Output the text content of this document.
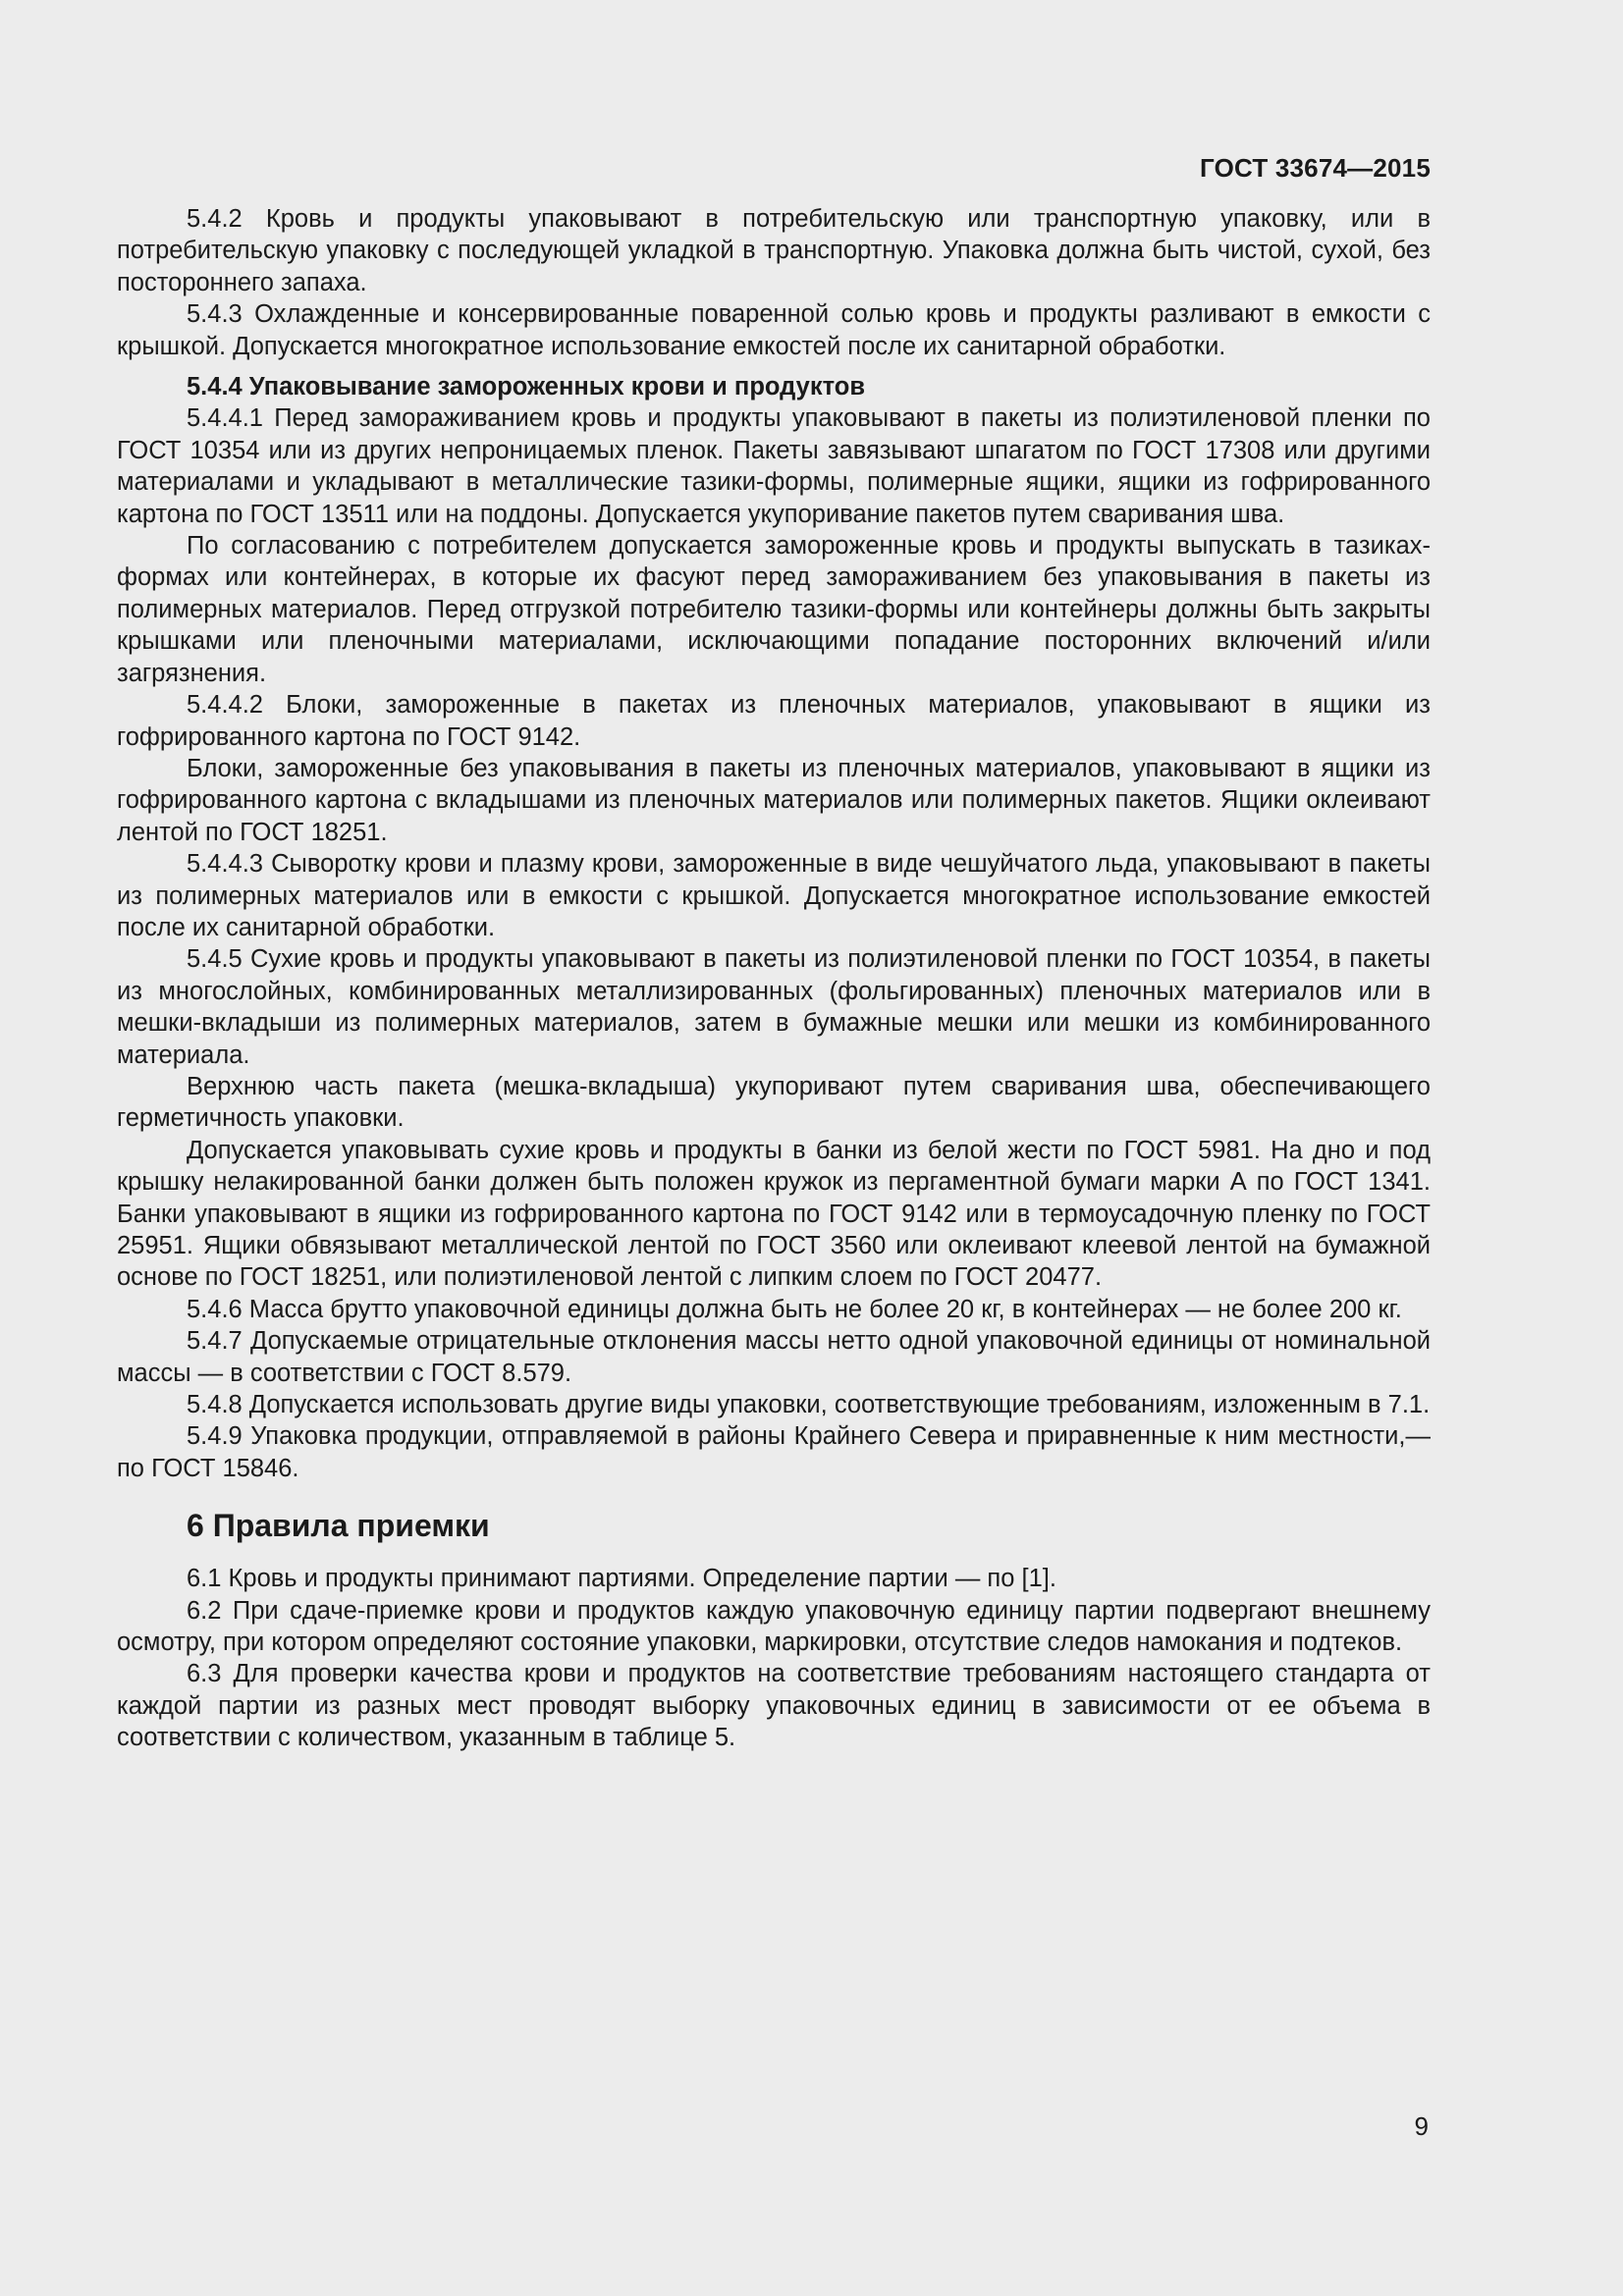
ГОСТ 33674—2015

5.4.2 Кровь и продукты упаковывают в потребительскую или транспортную упаковку, или в потребительскую упаковку с последующей укладкой в транспортную. Упаковка должна быть чистой, сухой, без постороннего запаха.

5.4.3 Охлажденные и консервированные поваренной солью кровь и продукты разливают в емкости с крышкой. Допускается многократное использование емкостей после их санитарной обработки.

5.4.4 Упаковывание замороженных крови и продуктов

5.4.4.1 Перед замораживанием кровь и продукты упаковывают в пакеты из полиэтиленовой пленки по ГОСТ 10354 или из других непроницаемых пленок. Пакеты завязывают шпагатом по ГОСТ 17308 или другими материалами и укладывают в металлические тазики-формы, полимерные ящики, ящики из гофрированного картона по ГОСТ 13511 или на поддоны. Допускается укупоривание пакетов путем сваривания шва.

По согласованию с потребителем допускается замороженные кровь и продукты выпускать в тазиках-формах или контейнерах, в которые их фасуют перед замораживанием без упаковывания в пакеты из полимерных материалов. Перед отгрузкой потребителю тазики-формы или контейнеры должны быть закрыты крышками или пленочными материалами, исключающими попадание посторонних включений и/или загрязнения.

5.4.4.2 Блоки, замороженные в пакетах из пленочных материалов, упаковывают в ящики из гофрированного картона по ГОСТ 9142.

Блоки, замороженные без упаковывания в пакеты из пленочных материалов, упаковывают в ящики из гофрированного картона с вкладышами из пленочных материалов или полимерных пакетов. Ящики оклеивают лентой по ГОСТ 18251.

5.4.4.3 Сыворотку крови и плазму крови, замороженные в виде чешуйчатого льда, упаковывают в пакеты из полимерных материалов или в емкости с крышкой. Допускается многократное использование емкостей после их санитарной обработки.

5.4.5 Сухие кровь и продукты упаковывают в пакеты из полиэтиленовой пленки по ГОСТ 10354, в пакеты из многослойных, комбинированных металлизированных (фольгированных) пленочных материалов или в мешки-вкладыши из полимерных материалов, затем в бумажные мешки или мешки из комбинированного материала.

Верхнюю часть пакета (мешка-вкладыша) укупоривают путем сваривания шва, обеспечивающего герметичность упаковки.

Допускается упаковывать сухие кровь и продукты в банки из белой жести по ГОСТ 5981. На дно и под крышку нелакированной банки должен быть положен кружок из пергаментной бумаги марки А по ГОСТ 1341. Банки упаковывают в ящики из гофрированного картона по ГОСТ 9142 или в термоусадочную пленку по ГОСТ 25951. Ящики обвязывают металлической лентой по ГОСТ 3560 или оклеивают клеевой лентой на бумажной основе по ГОСТ 18251, или полиэтиленовой лентой с липким слоем по ГОСТ 20477.

5.4.6 Масса брутто упаковочной единицы должна быть не более 20 кг, в контейнерах — не более 200 кг.

5.4.7 Допускаемые отрицательные отклонения массы нетто одной упаковочной единицы от номинальной массы — в соответствии с ГОСТ 8.579.

5.4.8 Допускается использовать другие виды упаковки, соответствующие требованиям, изложенным в 7.1.

5.4.9 Упаковка продукции, отправляемой в районы Крайнего Севера и приравненные к ним местности,— по ГОСТ 15846.

6 Правила приемки

6.1 Кровь и продукты принимают партиями. Определение партии — по [1].

6.2 При сдаче-приемке крови и продуктов каждую упаковочную единицу партии подвергают внешнему осмотру, при котором определяют состояние упаковки, маркировки, отсутствие следов намокания и подтеков.

6.3 Для проверки качества крови и продуктов на соответствие требованиям настоящего стандарта от каждой партии из разных мест проводят выборку упаковочных единиц в зависимости от ее объема в соответствии с количеством, указанным в таблице 5.

9
